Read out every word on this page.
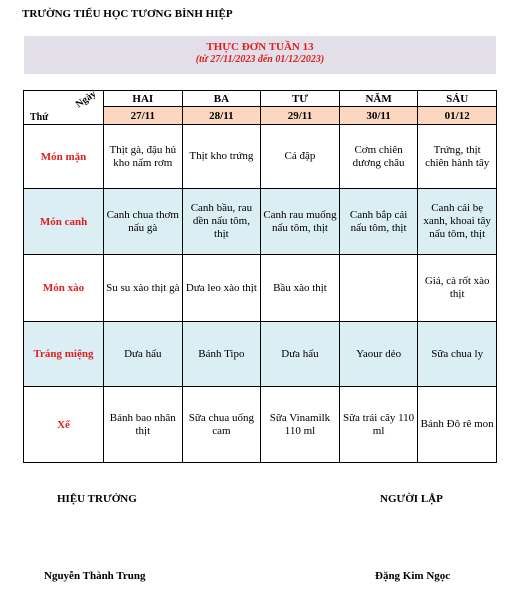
TRƯỜNG TIỂU HỌC TƯƠNG BÌNH HIỆP
THỰC ĐƠN TUẦN 13
(từ 27/11/2023 đến 01/12/2023)
Ngày
Thứ	HAI	BA	TƯ	NĂM	SÁU
	27/11	28/11	29/11	30/11	01/12
Món mặn	Thịt gà, đậu hủ kho nấm rơm	Thịt kho trứng	Cá đập	Cơm chiên dương châu	Trứng, thịt chiên hành tây
Món canh	Canh chua thơm nấu gà	Canh bầu, rau dền nấu tôm, thịt	Canh rau muống nấu tôm, thịt	Canh bắp cải nấu tôm, thịt	Canh cải bẹ xanh, khoai tây nấu tôm, thịt
Món xào	Su su xào thịt gà	Dưa leo xào thịt	Bầu xào thịt		Giá, cà rốt xào thịt
Tráng miệng	Dưa hấu	Bánh Tipo	Dưa hấu	Yaour dẻo	Sữa chua ly
Xế	Bánh bao nhân thịt	Sữa chua uống cam	Sữa Vinamilk 110 ml	Sữa trái cây 110 ml	Bánh Đô rê mon
HIỆU TRƯỞNG	NGƯỜI LẬP
Nguyễn Thành Trung	Đặng Kim Ngọc
